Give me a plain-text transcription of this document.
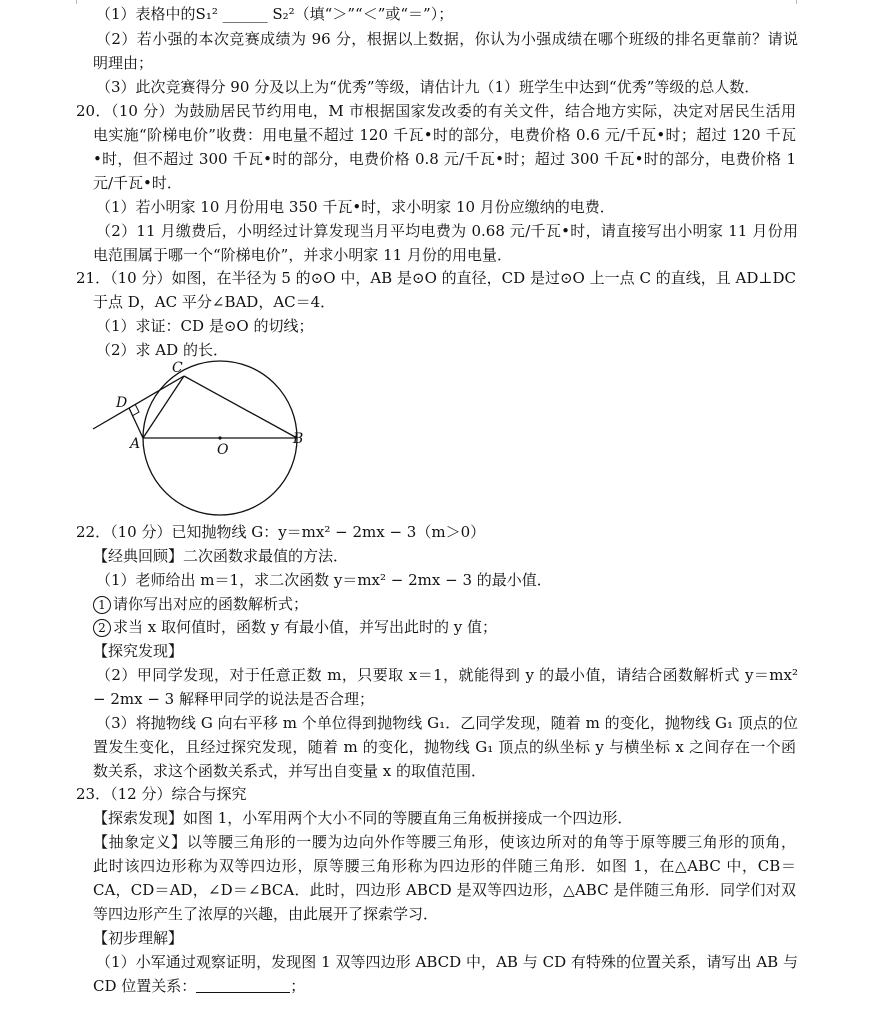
（1）表格中的S₁² ______ S₂²（填“＞”“＜”或“＝”）；
（2）若小强的本次竞赛成绩为 96 分，根据以上数据，你认为小强成绩在哪个班级的排名更靠前？请说
明理由；
（3）此次竞赛得分 90 分及以上为“优秀”等级，请估计九（1）班学生中达到“优秀”等级的总人数．
20．（10 分）为鼓励居民节约用电，M 市根据国家发改委的有关文件，结合地方实际，决定对居民生活用
电实施“阶梯电价”收费：用电量不超过 120 千瓦•时的部分，电费价格 0.6 元/千瓦•时；超过 120 千瓦
•时，但不超过 300 千瓦•时的部分，电费价格 0.8 元/千瓦•时；超过 300 千瓦•时的部分，电费价格 1
元/千瓦•时．
（1）若小明家 10 月份用电 350 千瓦•时，求小明家 10 月份应缴纳的电费．
（2）11 月缴费后，小明经过计算发现当月平均电费为 0.68 元/千瓦•时，请直接写出小明家 11 月份用
电范围属于哪一个“阶梯电价”，并求小明家 11 月份的用电量．
21．（10 分）如图，在半径为 5 的⊙O 中，AB 是⊙O 的直径，CD 是过⊙O 上一点 C 的直线，且 AD⊥DC
于点 D，AC 平分∠BAD，AC＝4．
（1）求证：CD 是⊙O 的切线；
（2）求 AD 的长．
C
D
A	O
B
22．（10 分）已知抛物线 G：y＝mx² − 2mx − 3（m＞0）
【经典回顾】二次函数求最值的方法．
（1）老师给出 m＝1，求二次函数 y＝mx² − 2mx − 3 的最小值．
1 请你写出对应的函数解析式；
2 求当 x 取何值时，函数 y 有最小值，并写出此时的 y 值；
【探究发现】
（2）甲同学发现，对于任意正数 m，只要取 x＝1，就能得到 y 的最小值，请结合函数解析式 y＝mx²
− 2mx − 3 解释甲同学的说法是否合理；
（3）将抛物线 G 向右平移 m 个单位得到抛物线 G₁．乙同学发现，随着 m 的变化，抛物线 G₁ 顶点的位
置发生变化，且经过探究发现，随着 m 的变化，抛物线 G₁ 顶点的纵坐标 y 与横坐标 x 之间存在一个函
数关系，求这个函数关系式，并写出自变量 x 的取值范围．
23．（12 分）综合与探究
【探索发现】如图 1，小军用两个大小不同的等腰直角三角板拼接成一个四边形．
【抽象定义】以等腰三角形的一腰为边向外作等腰三角形，使该边所对的角等于原等腰三角形的顶角，
此时该四边形称为双等四边形，原等腰三角形称为四边形的伴随三角形．如图 1，在△ABC 中，CB＝
CA，CD＝AD，∠D＝∠BCA．此时，四边形 ABCD 是双等四边形，△ABC 是伴随三角形．同学们对双
等四边形产生了浓厚的兴趣，由此展开了探索学习．
【初步理解】
（1）小军通过观察证明，发现图 1 双等四边形 ABCD 中，AB 与 CD 有特殊的位置关系，请写出 AB 与
CD 位置关系：	；
